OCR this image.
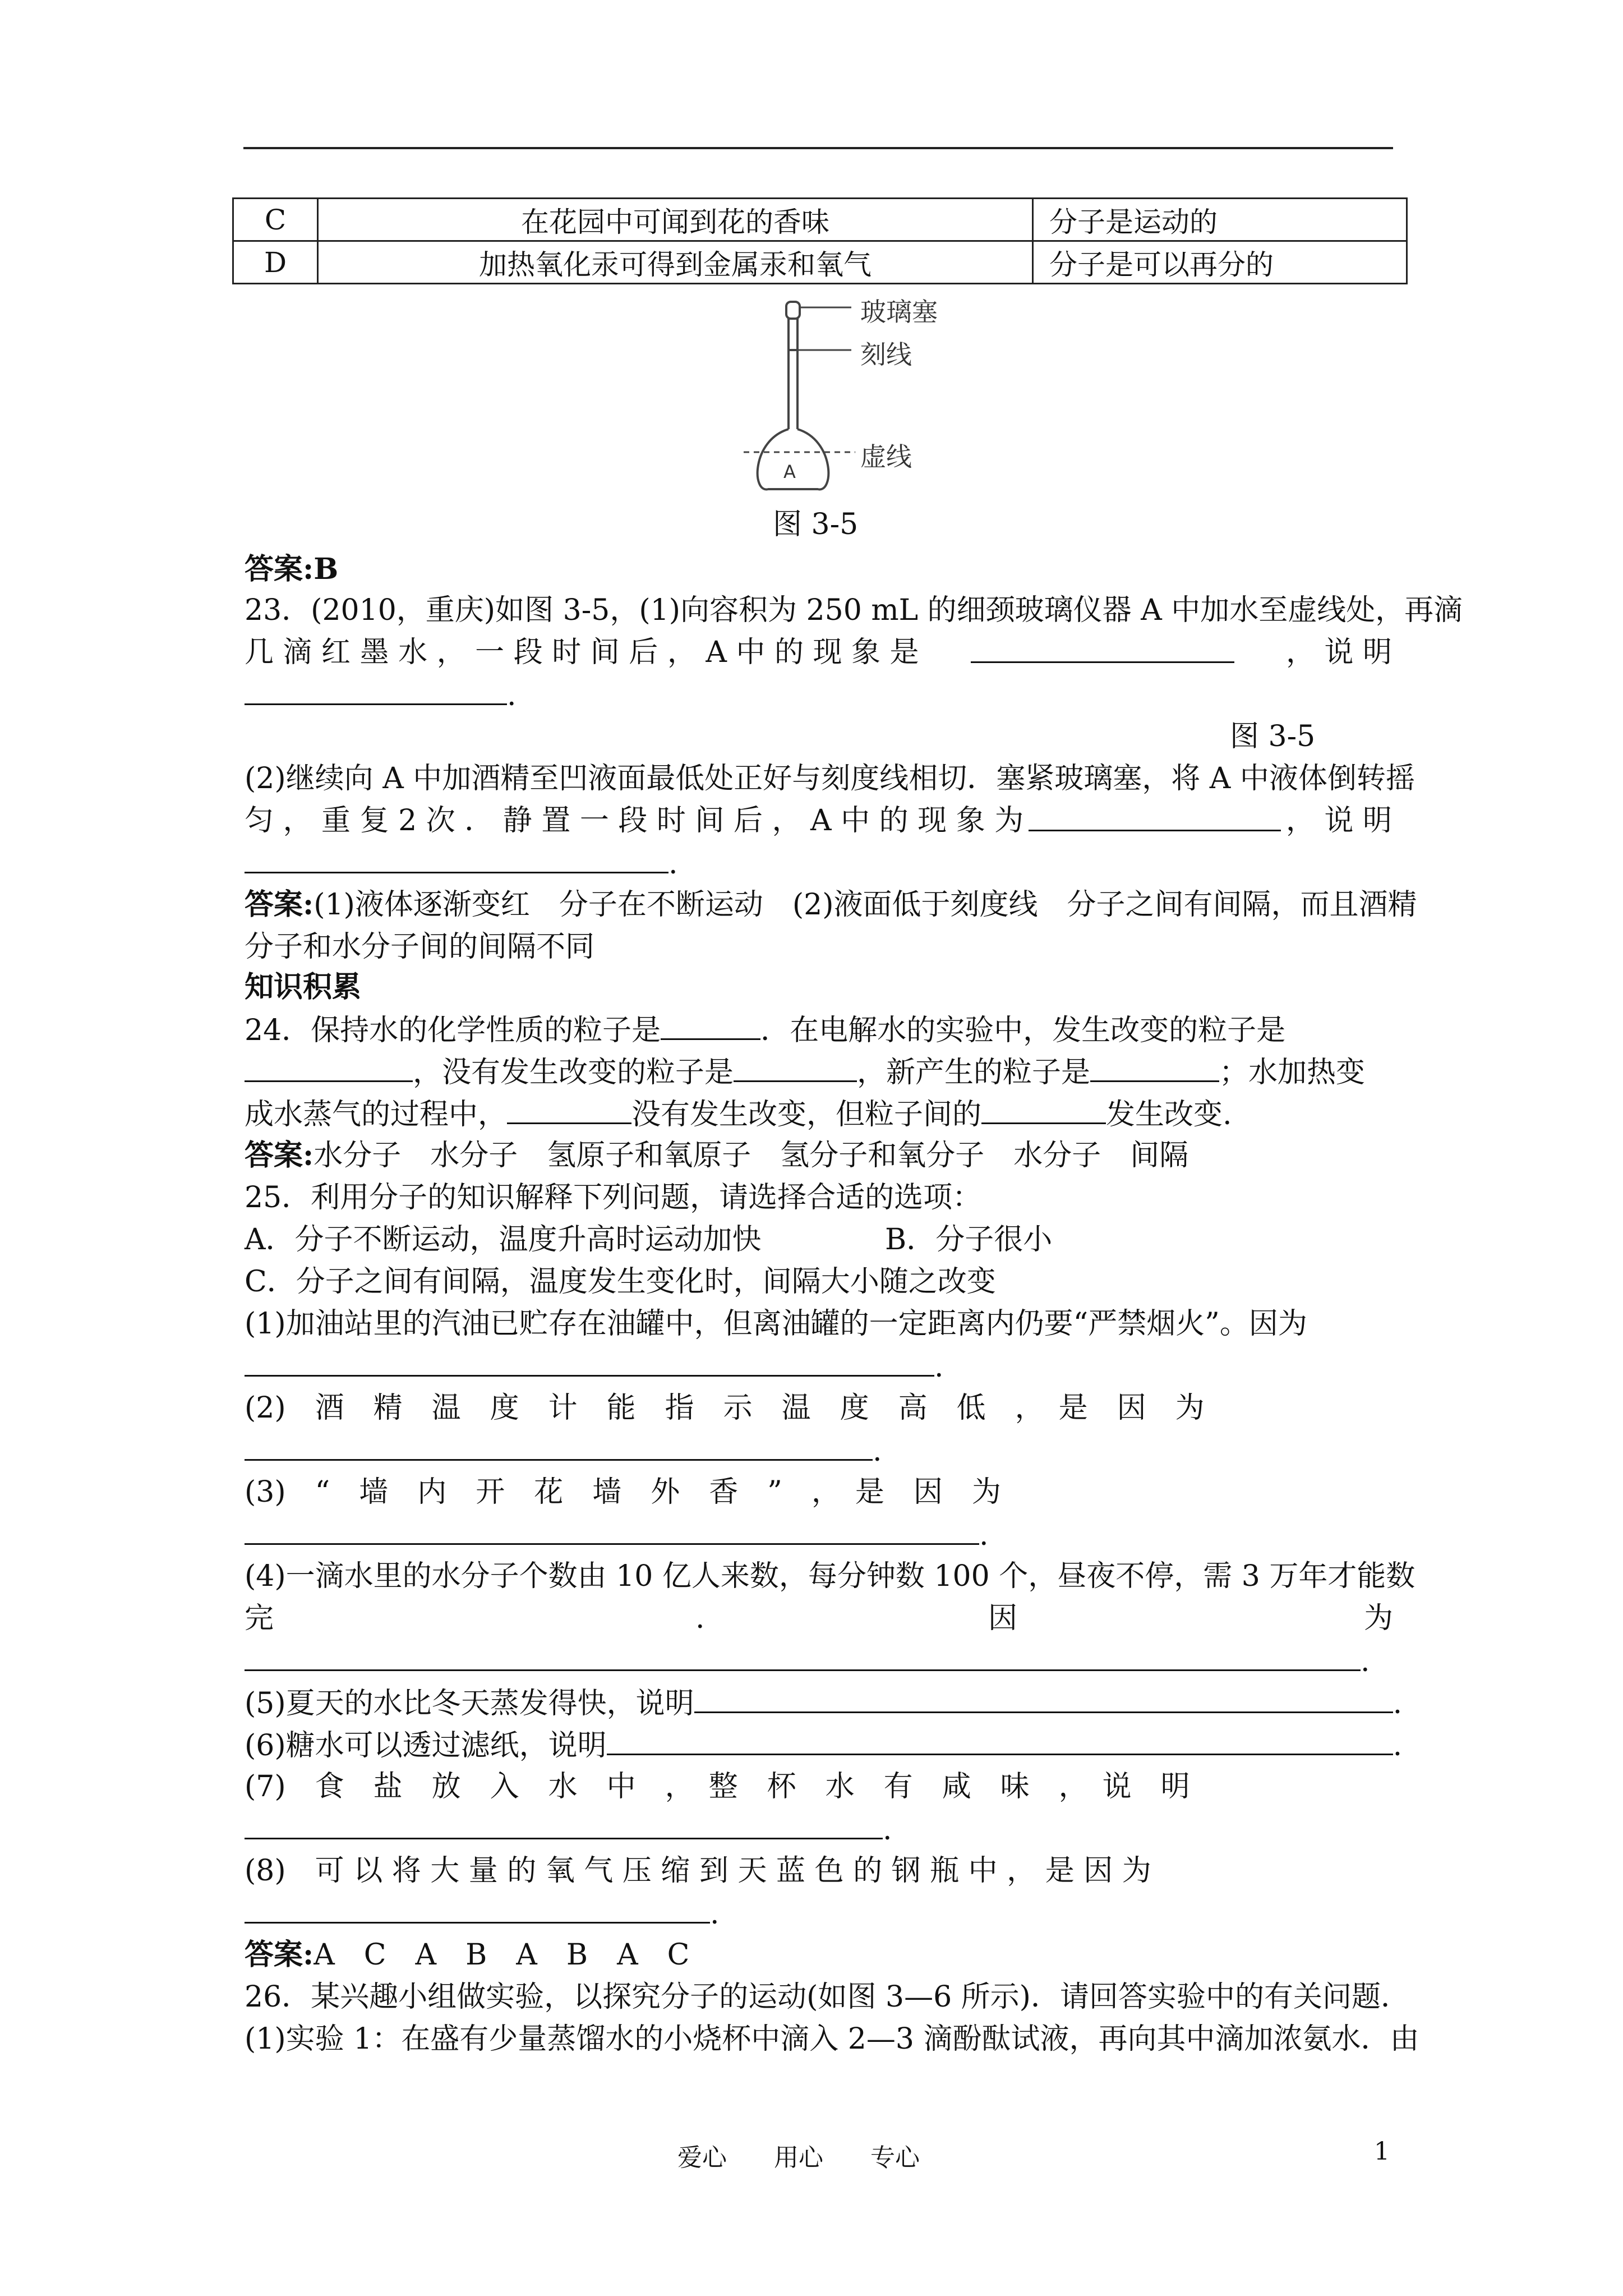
C	在花园中可闻到花的香味	分子是运动的
D	加热氧化汞可得到金属汞和氧气	分子是可以再分的
玻璃塞
刻线
虚线
A
图 3-5
答案:B
23．(2010，重庆)如图 3-5，(1)向容积为 250 mL 的细颈玻璃仪器 A 中加水至虚线处，再滴
几 滴 红 墨 水 ， 一 段 时 间 后 ， A 中 的 现 象 是	， 说 明
.
图 3-5
(2)继续向 A 中加酒精至凹液面最低处正好与刻度线相切．塞紧玻璃塞，将 A 中液体倒转摇
匀 ， 重 复 2 次 ． 静 置 一 段 时 间 后 ， A 中 的 现 象 为	， 说 明
.
答案:(1)液体逐渐变红　分子在不断运动　(2)液面低于刻度线　分子之间有间隔，而且酒精
分子和水分子间的间隔不同
知识积累
24．保持水的化学性质的粒子是	．在电解水的实验中，发生改变的粒子是
，没有发生改变的粒子是	，新产生的粒子是	；水加热变
成水蒸气的过程中，	没有发生改变，但粒子间的	发生改变.
答案:水分子　水分子　氢原子和氧原子　氢分子和氧分子　水分子　间隔
25．利用分子的知识解释下列问题，请选择合适的选项：
A．分子不断运动，温度升高时运动加快	B．分子很小
C．分子之间有间隔，温度发生变化时，间隔大小随之改变
(1)加油站里的汽油已贮存在油罐中，但离油罐的一定距离内仍要“严禁烟火”。因为
.
(2)　酒　精　温　度　计　能　指　示　温　度　高　低　，　是　因　为
.
(3)　“　墙　内　开　花　墙　外　香　”　，　是　因　为
.
(4)一滴水里的水分子个数由 10 亿人来数，每分钟数 100 个，昼夜不停，需 3 万年才能数
完	.	因	为
.
(5)夏天的水比冬天蒸发得快，说明	.
(6)糖水可以透过滤纸，说明	.
(7)　食　盐　放　入　水　中　，　整　杯　水　有　咸　味　，　说　明
.
(8)　可 以 将 大 量 的 氧 气 压 缩 到 天 蓝 色 的 钢 瓶 中 ， 是 因 为
.
答案:A　C　A　B　A　B　A　C
26．某兴趣小组做实验，以探究分子的运动(如图 3—6 所示)．请回答实验中的有关问题．
(1)实验 1：在盛有少量蒸馏水的小烧杯中滴入 2—3 滴酚酞试液，再向其中滴加浓氨水．由
爱心 用心 专心	1
